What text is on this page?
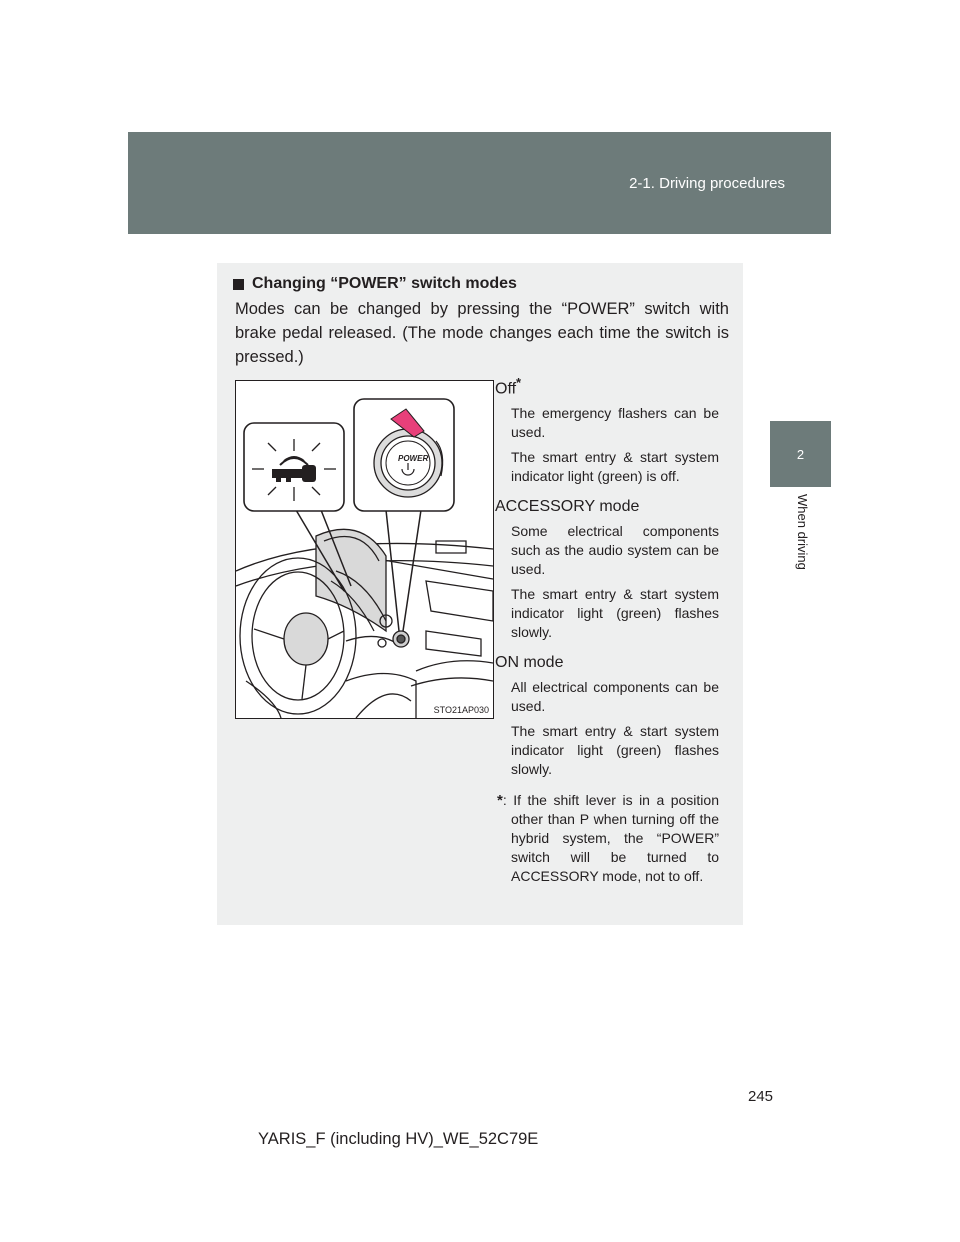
2-1. Driving procedures
2
When driving
Changing “POWER” switch modes
Modes can be changed by pressing the “POWER” switch with brake pedal released. (The mode changes each time the switch is pressed.)
POWER
STO21AP030
Off*
The emergency flashers can be used.
The smart entry & start system indicator light (green) is off.
ACCESSORY mode
Some electrical components such as the audio system can be used.
The smart entry & start system indicator light (green) flashes slowly.
ON mode
All electrical components can be used.
The smart entry & start system indicator light (green) flashes slowly.
*: If the shift lever is in a position other than P when turning off the hybrid system, the “POWER” switch will be turned to ACCESSORY mode, not to off.
245
YARIS_F (including HV)_WE_52C79E
